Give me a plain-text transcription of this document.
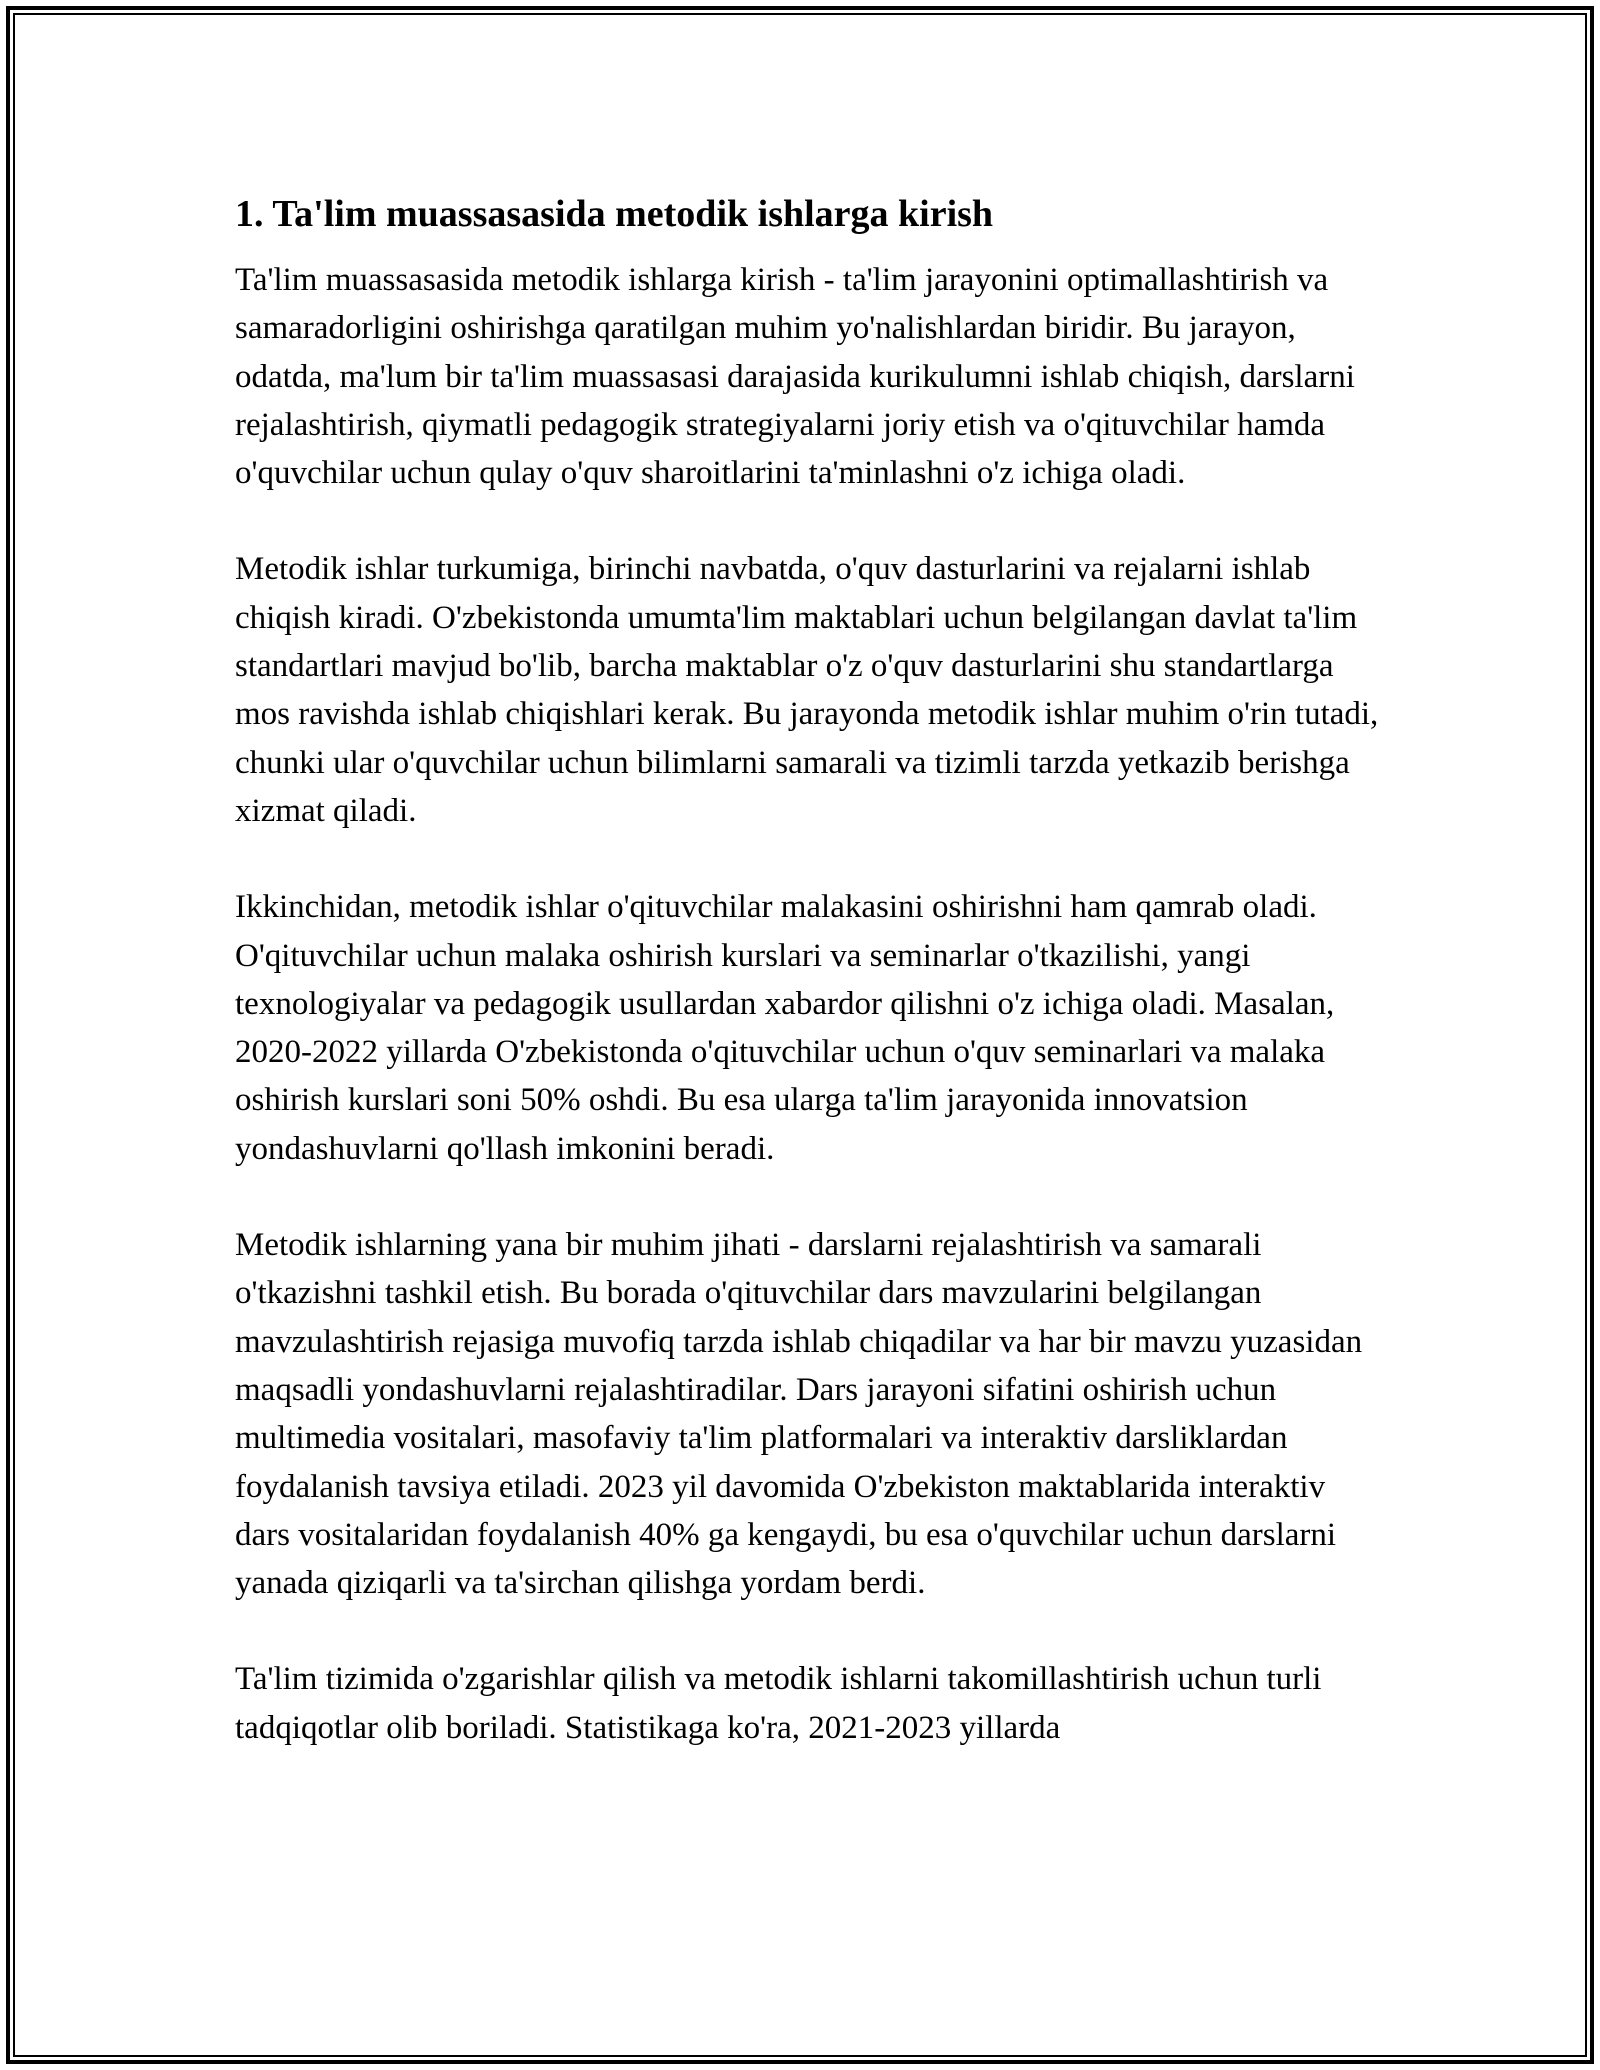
1. Ta'lim muassasasida metodik ishlarga kirish

Ta'lim muassasasida metodik ishlarga kirish - ta'lim jarayonini optimallashtirish va samaradorligini oshirishga qaratilgan muhim yo'nalishlardan biridir. Bu jarayon, odatda, ma'lum bir ta'lim muassasasi darajasida kurikulumni ishlab chiqish, darslarni rejalashtirish, qiymatli pedagogik strategiyalarni joriy etish va o'qituvchilar hamda o'quvchilar uchun qulay o'quv sharoitlarini ta'minlashni o'z ichiga oladi.

Metodik ishlar turkumiga, birinchi navbatda, o'quv dasturlarini va rejalarni ishlab chiqish kiradi. O'zbekistonda umumta'lim maktablari uchun belgilangan davlat ta'lim standartlari mavjud bo'lib, barcha maktablar o'z o'quv dasturlarini shu standartlarga mos ravishda ishlab chiqishlari kerak. Bu jarayonda metodik ishlar muhim o'rin tutadi, chunki ular o'quvchilar uchun bilimlarni samarali va tizimli tarzda yetkazib berishga xizmat qiladi.

Ikkinchidan, metodik ishlar o'qituvchilar malakasini oshirishni ham qamrab oladi. O'qituvchilar uchun malaka oshirish kurslari va seminarlar o'tkazilishi, yangi texnologiyalar va pedagogik usullardan xabardor qilishni o'z ichiga oladi. Masalan, 2020-2022 yillarda O'zbekistonda o'qituvchilar uchun o'quv seminarlari va malaka oshirish kurslari soni 50% oshdi. Bu esa ularga ta'lim jarayonida innovatsion yondashuvlarni qo'llash imkonini beradi.

Metodik ishlarning yana bir muhim jihati - darslarni rejalashtirish va samarali o'tkazishni tashkil etish. Bu borada o'qituvchilar dars mavzularini belgilangan mavzulashtirish rejasiga muvofiq tarzda ishlab chiqadilar va har bir mavzu yuzasidan maqsadli yondashuvlarni rejalashtiradilar. Dars jarayoni sifatini oshirish uchun multimedia vositalari, masofaviy ta'lim platformalari va interaktiv darsliklardan foydalanish tavsiya etiladi. 2023 yil davomida O'zbekiston maktablarida interaktiv dars vositalaridan foydalanish 40% ga kengaydi, bu esa o'quvchilar uchun darslarni yanada qiziqarli va ta'sirchan qilishga yordam berdi.

Ta'lim tizimida o'zgarishlar qilish va metodik ishlarni takomillashtirish uchun turli tadqiqotlar olib boriladi. Statistikaga ko'ra, 2021-2023 yillarda
